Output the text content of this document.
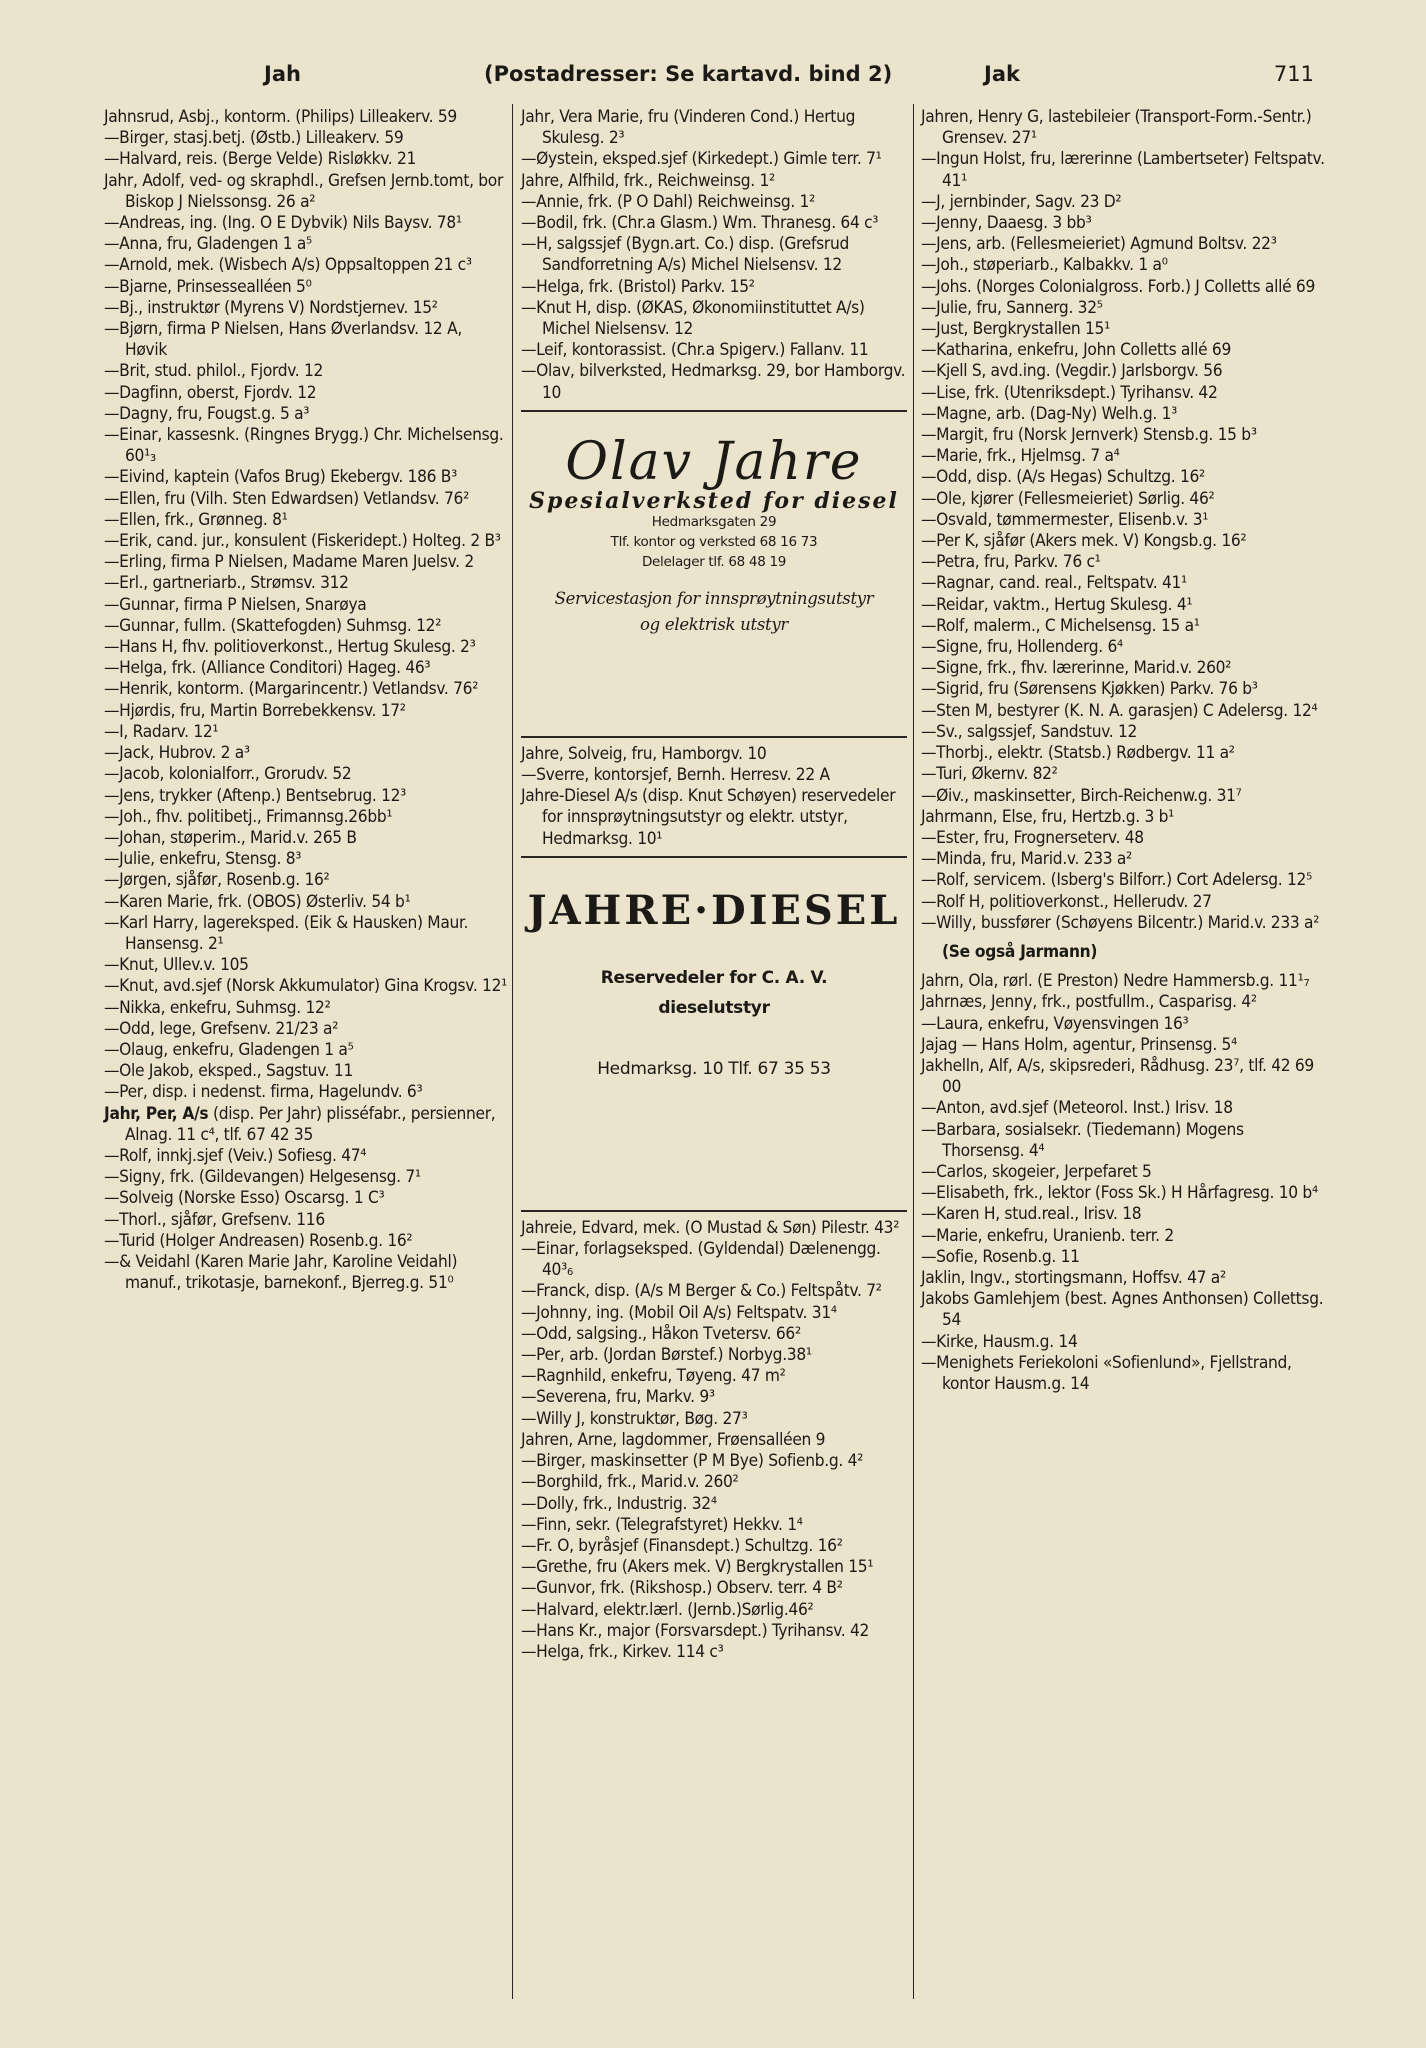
Jah	(Postadresser: Se kartavd. bind 2)	Jak	711

Jahnsrud, Asbj., kontorm. (Philips) Lilleakerv. 59

—Birger, stasj.betj. (Østb.) Lilleakerv. 59

—Halvard, reis. (Berge Velde) Risløkkv. 21

Jahr, Adolf, ved- og skraphdl., Grefsen Jernb.tomt, bor Biskop J Nielssonsg. 26 a²

—Andreas, ing. (Ing. O E Dybvik) Nils Baysv. 78¹

—Anna, fru, Gladengen 1 a⁵

—Arnold, mek. (Wisbech A/s) Oppsaltoppen 21 c³

—Bjarne, Prinsessealléen 5⁰

—Bj., instruktør (Myrens V) Nordstjernev. 15²

—Bjørn, firma P Nielsen, Hans Øverlandsv. 12 A, Høvik

—Brit, stud. philol., Fjordv. 12

—Dagfinn, oberst, Fjordv. 12

—Dagny, fru, Fougst.g. 5 a³

—Einar, kassesnk. (Ringnes Brygg.) Chr. Michelsensg. 60¹₃

—Eivind, kaptein (Vafos Brug) Ekebergv. 186 B³

—Ellen, fru (Vilh. Sten Edwardsen) Vetlandsv. 76²

—Ellen, frk., Grønneg. 8¹

—Erik, cand. jur., konsulent (Fiskeridept.) Holteg. 2 B³

—Erling, firma P Nielsen, Madame Maren Juelsv. 2

—Erl., gartneriarb., Strømsv. 312

—Gunnar, firma P Nielsen, Snarøya

—Gunnar, fullm. (Skattefogden) Suhmsg. 12²

—Hans H, fhv. politioverkonst., Hertug Skulesg. 2³

—Helga, frk. (Alliance Conditori) Hageg. 46³

—Henrik, kontorm. (Margarincentr.) Vetlandsv. 76²

—Hjørdis, fru, Martin Borrebekkensv. 17²

—I, Radarv. 12¹

—Jack, Hubrov. 2 a³

—Jacob, kolonialforr., Grorudv. 52

—Jens, trykker (Aftenp.) Bentsebrug. 12³

—Joh., fhv. politibetj., Frimannsg.26bb¹

—Johan, støperim., Marid.v. 265 B

—Julie, enkefru, Stensg. 8³

—Jørgen, sjåfør, Rosenb.g. 16²

—Karen Marie, frk. (OBOS) Østerliv. 54 b¹

—Karl Harry, lagereksped. (Eik & Hausken) Maur. Hansensg. 2¹

—Knut, Ullev.v. 105

—Knut, avd.sjef (Norsk Akkumulator) Gina Krogsv. 12¹

—Nikka, enkefru, Suhmsg. 12²

—Odd, lege, Grefsenv. 21/23 a²

—Olaug, enkefru, Gladengen 1 a⁵

—Ole Jakob, eksped., Sagstuv. 11

—Per, disp. i nedenst. firma, Hagelundv. 6³

Jahr, Per, A/s (disp. Per Jahr) plisséfabr., persienner, Alnag. 11 c⁴, tlf. 67 42 35

—Rolf, innkj.sjef (Veiv.) Sofiesg. 47⁴

—Signy, frk. (Gildevangen) Helgesensg. 7¹

—Solveig (Norske Esso) Oscarsg. 1 C³

—Thorl., sjåfør, Grefsenv. 116

—Turid (Holger Andreasen) Rosenb.g. 16²

—& Veidahl (Karen Marie Jahr, Karoline Veidahl) manuf., trikotasje, barnekonf., Bjerreg.g. 51⁰

Jahr, Vera Marie, fru (Vinderen Cond.) Hertug Skulesg. 2³

—Øystein, eksped.sjef (Kirkedept.) Gimle terr. 7¹

Jahre, Alfhild, frk., Reichweinsg. 1²

—Annie, frk. (P O Dahl) Reichweinsg. 1²

—Bodil, frk. (Chr.a Glasm.) Wm. Thranesg. 64 c³

—H, salgssjef (Bygn.art. Co.) disp. (Grefsrud Sandforretning A/s) Michel Nielsensv. 12

—Helga, frk. (Bristol) Parkv. 15²

—Knut H, disp. (ØKAS, Økonomiinstituttet A/s) Michel Nielsensv. 12

—Leif, kontorassist. (Chr.a Spigerv.) Fallanv. 11

—Olav, bilverksted, Hedmarksg. 29, bor Hamborgv. 10

Olav Jahre
Spesialverksted for diesel
Hedmarksgaten 29
Tlf. kontor og verksted 68 16 73
Delelager tlf. 68 48 19
Servicestasjon for innsprøytningsutstyr
og elektrisk utstyr

Jahre, Solveig, fru, Hamborgv. 10

—Sverre, kontorsjef, Bernh. Herresv. 22 A

Jahre-Diesel A/s (disp. Knut Schøyen) reservedeler for innsprøytningsutstyr og elektr. utstyr, Hedmarksg. 10¹

JAHRE·DIESEL
Reservedeler for C. A. V.
dieselutstyr
Hedmarksg. 10 Tlf. 67 35 53

Jahreie, Edvard, mek. (O Mustad & Søn) Pilestr. 43²

—Einar, forlagseksped. (Gyldendal) Dælenengg. 40³₆

—Franck, disp. (A/s M Berger & Co.) Feltspåtv. 7²

—Johnny, ing. (Mobil Oil A/s) Feltspatv. 31⁴

—Odd, salgsing., Håkon Tvetersv. 66²

—Per, arb. (Jordan Børstef.) Norbyg.38¹

—Ragnhild, enkefru, Tøyeng. 47 m²

—Severena, fru, Markv. 9³

—Willy J, konstruktør, Bøg. 27³

Jahren, Arne, lagdommer, Frøensalléen 9

—Birger, maskinsetter (P M Bye) Sofienb.g. 4²

—Borghild, frk., Marid.v. 260²

—Dolly, frk., Industrig. 32⁴

—Finn, sekr. (Telegrafstyret) Hekkv. 1⁴

—Fr. O, byråsjef (Finansdept.) Schultzg. 16²

—Grethe, fru (Akers mek. V) Bergkrystallen 15¹

—Gunvor, frk. (Rikshosp.) Observ. terr. 4 B²

—Halvard, elektr.lærl. (Jernb.)Sørlig.46²

—Hans Kr., major (Forsvarsdept.) Tyrihansv. 42

—Helga, frk., Kirkev. 114 c³

Jahren, Henry G, lastebileier (Transport-Form.-Sentr.) Grensev. 27¹

—Ingun Holst, fru, lærerinne (Lambertseter) Feltspatv. 41¹

—J, jernbinder, Sagv. 23 D²

—Jenny, Daaesg. 3 bb³

—Jens, arb. (Fellesmeieriet) Agmund Boltsv. 22³

—Joh., støperiarb., Kalbakkv. 1 a⁰

—Johs. (Norges Colonialgross. Forb.) J Colletts allé 69

—Julie, fru, Sannerg. 32⁵

—Just, Bergkrystallen 15¹

—Katharina, enkefru, John Colletts allé 69

—Kjell S, avd.ing. (Vegdir.) Jarlsborgv. 56

—Lise, frk. (Utenriksdept.) Tyrihansv. 42

—Magne, arb. (Dag-Ny) Welh.g. 1³

—Margit, fru (Norsk Jernverk) Stensb.g. 15 b³

—Marie, frk., Hjelmsg. 7 a⁴

—Odd, disp. (A/s Hegas) Schultzg. 16²

—Ole, kjører (Fellesmeieriet) Sørlig. 46²

—Osvald, tømmermester, Elisenb.v. 3¹

—Per K, sjåfør (Akers mek. V) Kongsb.g. 16²

—Petra, fru, Parkv. 76 c¹

—Ragnar, cand. real., Feltspatv. 41¹

—Reidar, vaktm., Hertug Skulesg. 4¹

—Rolf, malerm., C Michelsensg. 15 a¹

—Signe, fru, Hollenderg. 6⁴

—Signe, frk., fhv. lærerinne, Marid.v. 260²

—Sigrid, fru (Sørensens Kjøkken) Parkv. 76 b³

—Sten M, bestyrer (K. N. A. garasjen) C Adelersg. 12⁴

—Sv., salgssjef, Sandstuv. 12

—Thorbj., elektr. (Statsb.) Rødbergv. 11 a²

—Turi, Økernv. 82²

—Øiv., maskinsetter, Birch-Reichenw.g. 31⁷

Jahrmann, Else, fru, Hertzb.g. 3 b¹

—Ester, fru, Frognerseterv. 48

—Minda, fru, Marid.v. 233 a²

—Rolf, servicem. (Isberg's Bilforr.) Cort Adelersg. 12⁵

—Rolf H, politioverkonst., Hellerudv. 27

—Willy, bussfører (Schøyens Bilcentr.) Marid.v. 233 a²

(Se også Jarmann)

Jahrn, Ola, rørl. (E Preston) Nedre Hammersb.g. 11¹₇

Jahrnæs, Jenny, frk., postfullm., Casparisg. 4²

—Laura, enkefru, Vøyensvingen 16³

Jajag — Hans Holm, agentur, Prinsensg. 5⁴

Jakhelln, Alf, A/s, skipsrederi, Rådhusg. 23⁷, tlf. 42 69 00

—Anton, avd.sjef (Meteorol. Inst.) Irisv. 18

—Barbara, sosialsekr. (Tiedemann) Mogens Thorsensg. 4⁴

—Carlos, skogeier, Jerpefaret 5

—Elisabeth, frk., lektor (Foss Sk.) H Hårfagresg. 10 b⁴

—Karen H, stud.real., Irisv. 18

—Marie, enkefru, Uranienb. terr. 2

—Sofie, Rosenb.g. 11

Jaklin, Ingv., stortingsmann, Hoffsv. 47 a²

Jakobs Gamlehjem (best. Agnes Anthonsen) Collettsg. 54

—Kirke, Hausm.g. 14

—Menighets Feriekoloni «Sofienlund», Fjellstrand, kontor Hausm.g. 14
